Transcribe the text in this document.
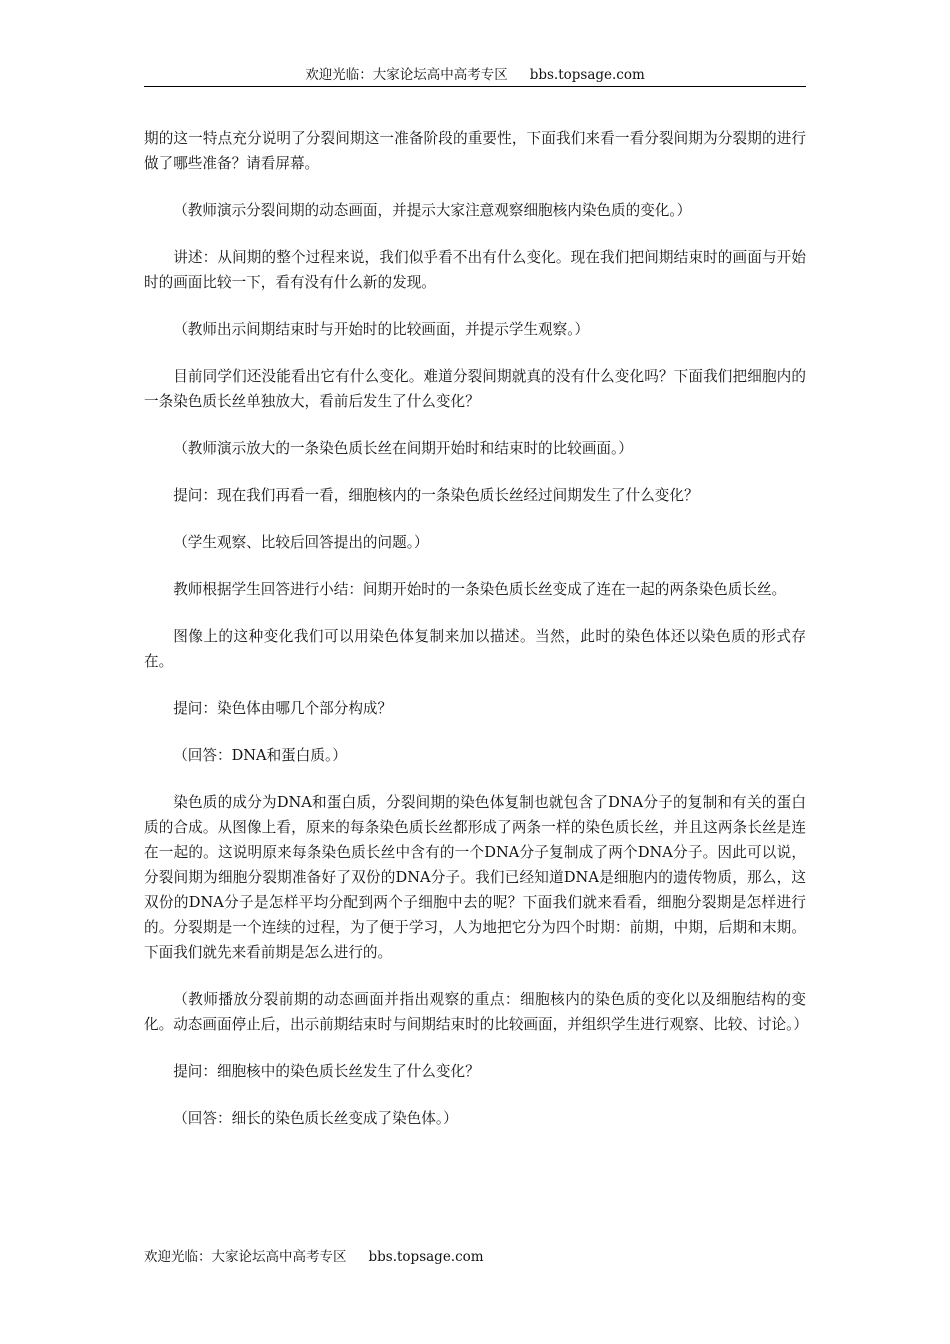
欢迎光临：大家论坛高中高考专区 bbs.topsage.com

期的这一特点充分说明了分裂间期这一准备阶段的重要性，下面我们来看一看分裂间期为分裂期的进行做了哪些准备？请看屏幕。

（教师演示分裂间期的动态画面，并提示大家注意观察细胞核内染色质的变化。）

讲述：从间期的整个过程来说，我们似乎看不出有什么变化。现在我们把间期结束时的画面与开始时的画面比较一下，看有没有什么新的发现。

（教师出示间期结束时与开始时的比较画面，并提示学生观察。）

目前同学们还没能看出它有什么变化。难道分裂间期就真的没有什么变化吗？下面我们把细胞内的一条染色质长丝单独放大，看前后发生了什么变化？

（教师演示放大的一条染色质长丝在间期开始时和结束时的比较画面。）

提问：现在我们再看一看，细胞核内的一条染色质长丝经过间期发生了什么变化？

（学生观察、比较后回答提出的问题。）

教师根据学生回答进行小结：间期开始时的一条染色质长丝变成了连在一起的两条染色质长丝。

图像上的这种变化我们可以用染色体复制来加以描述。当然，此时的染色体还以染色质的形式存在。

提问：染色体由哪几个部分构成？

（回答：DNA和蛋白质。）

染色质的成分为DNA和蛋白质，分裂间期的染色体复制也就包含了DNA分子的复制和有关的蛋白质的合成。从图像上看，原来的每条染色质长丝都形成了两条一样的染色质长丝，并且这两条长丝是连在一起的。这说明原来每条染色质长丝中含有的一个DNA分子复制成了两个DNA分子。因此可以说，分裂间期为细胞分裂期准备好了双份的DNA分子。我们已经知道DNA是细胞内的遗传物质，那么，这双份的DNA分子是怎样平均分配到两个子细胞中去的呢？下面我们就来看看，细胞分裂期是怎样进行的。分裂期是一个连续的过程，为了便于学习，人为地把它分为四个时期：前期，中期，后期和末期。下面我们就先来看前期是怎么进行的。

（教师播放分裂前期的动态画面并指出观察的重点：细胞核内的染色质的变化以及细胞结构的变化。动态画面停止后，出示前期结束时与间期结束时的比较画面，并组织学生进行观察、比较、讨论。）

提问：细胞核中的染色质长丝发生了什么变化？

（回答：细长的染色质长丝变成了染色体。）

欢迎光临：大家论坛高中高考专区 bbs.topsage.com
